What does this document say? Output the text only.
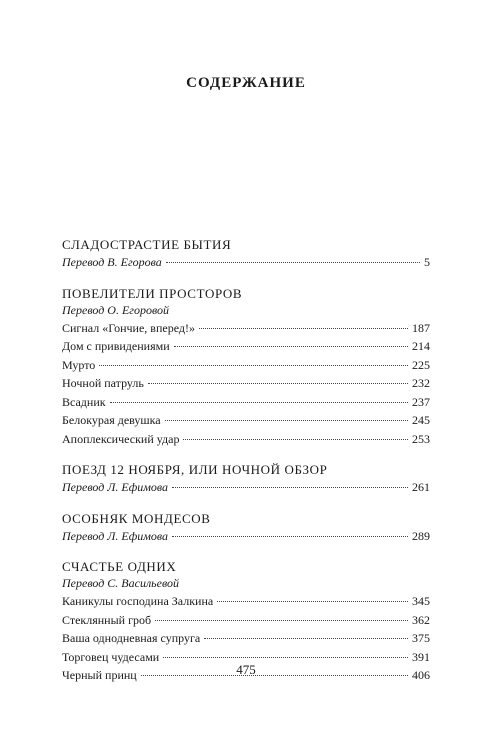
СОДЕРЖАНИЕ
СЛАДОСТРАСТИЕ БЫТИЯ
Перевод В. Егорова	5
ПОВЕЛИТЕЛИ ПРОСТОРОВ
Перевод О. Егоровой
Сигнал «Гончие, вперед!»	187
Дом с привидениями	214
Мурто	225
Ночной патруль	232
Всадник	237
Белокурая девушка	245
Апоплексический удар	253
ПОЕЗД 12 НОЯБРЯ, ИЛИ НОЧНОЙ ОБЗОР
Перевод Л. Ефимова	261
ОСОБНЯК МОНДЕСОВ
Перевод Л. Ефимова	289
СЧАСТЬЕ ОДНИХ
Перевод С. Васильевой
Каникулы господина Залкина	345
Стеклянный гроб	362
Ваша однодневная супруга	375
Торговец чудесами	391
Черный принц	406
475
